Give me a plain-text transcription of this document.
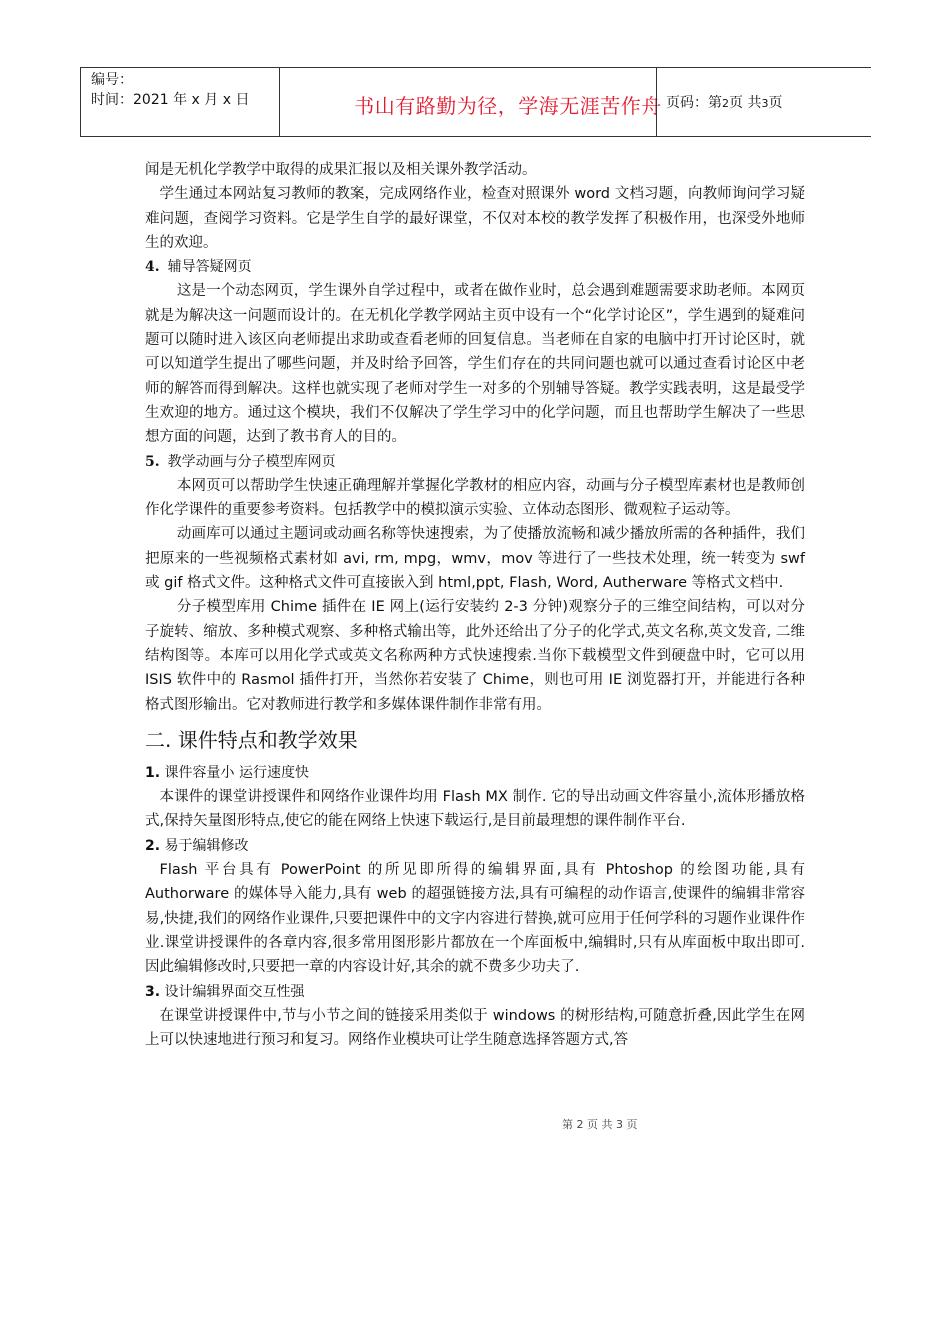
编号：
时间：2021 年 x 月 x 日	书山有路勤为径，学海无涯苦作舟 页码：第2页 共3页

闻是无机化学教学中取得的成果汇报以及相关课外教学活动。

学生通过本网站复习教师的教案，完成网络作业，检查对照课外 word 文档习题，向教师询问学习疑难问题，查阅学习资料。它是学生自学的最好课堂，不仅对本校的教学发挥了积极作用，也深受外地师生的欢迎。

4. 辅导答疑网页

这是一个动态网页，学生课外自学过程中，或者在做作业时，总会遇到难题需要求助老师。本网页就是为解决这一问题而设计的。在无机化学教学网站主页中设有一个“化学讨论区”，学生遇到的疑难问题可以随时进入该区向老师提出求助或查看老师的回复信息。当老师在自家的电脑中打开讨论区时，就可以知道学生提出了哪些问题，并及时给予回答，学生们存在的共同问题也就可以通过查看讨论区中老师的解答而得到解决。这样也就实现了老师对学生一对多的个别辅导答疑。教学实践表明，这是最受学生欢迎的地方。通过这个模块，我们不仅解决了学生学习中的化学问题，而且也帮助学生解决了一些思想方面的问题，达到了教书育人的目的。

5. 教学动画与分子模型库网页

本网页可以帮助学生快速正确理解并掌握化学教材的相应内容，动画与分子模型库素材也是教师创作化学课件的重要参考资料。包括教学中的模拟演示实验、立体动态图形、微观粒子运动等。

动画库可以通过主题词或动画名称等快速搜索，为了使播放流畅和减少播放所需的各种插件，我们把原来的一些视频格式素材如 avi, rm, mpg，wmv，mov 等进行了一些技术处理，统一转变为 swf 或 gif 格式文件。这种格式文件可直接嵌入到 html,ppt, Flash, Word, Autherware 等格式文档中.

分子模型库用 Chime 插件在 IE 网上(运行安装约 2-3 分钟)观察分子的三维空间结构，可以对分子旋转、缩放、多种模式观察、多种格式输出等，此外还给出了分子的化学式,英文名称,英文发音, 二维结构图等。本库可以用化学式或英文名称两种方式快速搜索.当你下载模型文件到硬盘中时，它可以用 ISIS 软件中的 Rasmol 插件打开，当然你若安装了 Chime，则也可用 IE 浏览器打开，并能进行各种格式图形输出。它对教师进行教学和多媒体课件制作非常有用。

二. 课件特点和教学效果

1. 课件容量小 运行速度快

本课件的课堂讲授课件和网络作业课件均用 Flash MX 制作. 它的导出动画文件容量小,流体形播放格式,保持矢量图形特点,使它的能在网络上快速下载运行,是目前最理想的课件制作平台.

2. 易于编辑修改

Flash 平台具有 PowerPoint 的所见即所得的编辑界面,具有 Phtoshop 的绘图功能,具有 Authorware 的媒体导入能力,具有 web 的超强链接方法,具有可编程的动作语言,使课件的编辑非常容易,快捷,我们的网络作业课件,只要把课件中的文字内容进行替换,就可应用于任何学科的习题作业课件作业.课堂讲授课件的各章内容,很多常用图形影片都放在一个库面板中,编辑时,只有从库面板中取出即可.因此编辑修改时,只要把一章的内容设计好,其余的就不费多少功夫了.

3. 设计编辑界面交互性强

在课堂讲授课件中,节与小节之间的链接采用类似于 windows 的树形结构,可随意折叠,因此学生在网上可以快速地进行预习和复习。网络作业模块可让学生随意选择答题方式,答

第 2 页 共 3 页
